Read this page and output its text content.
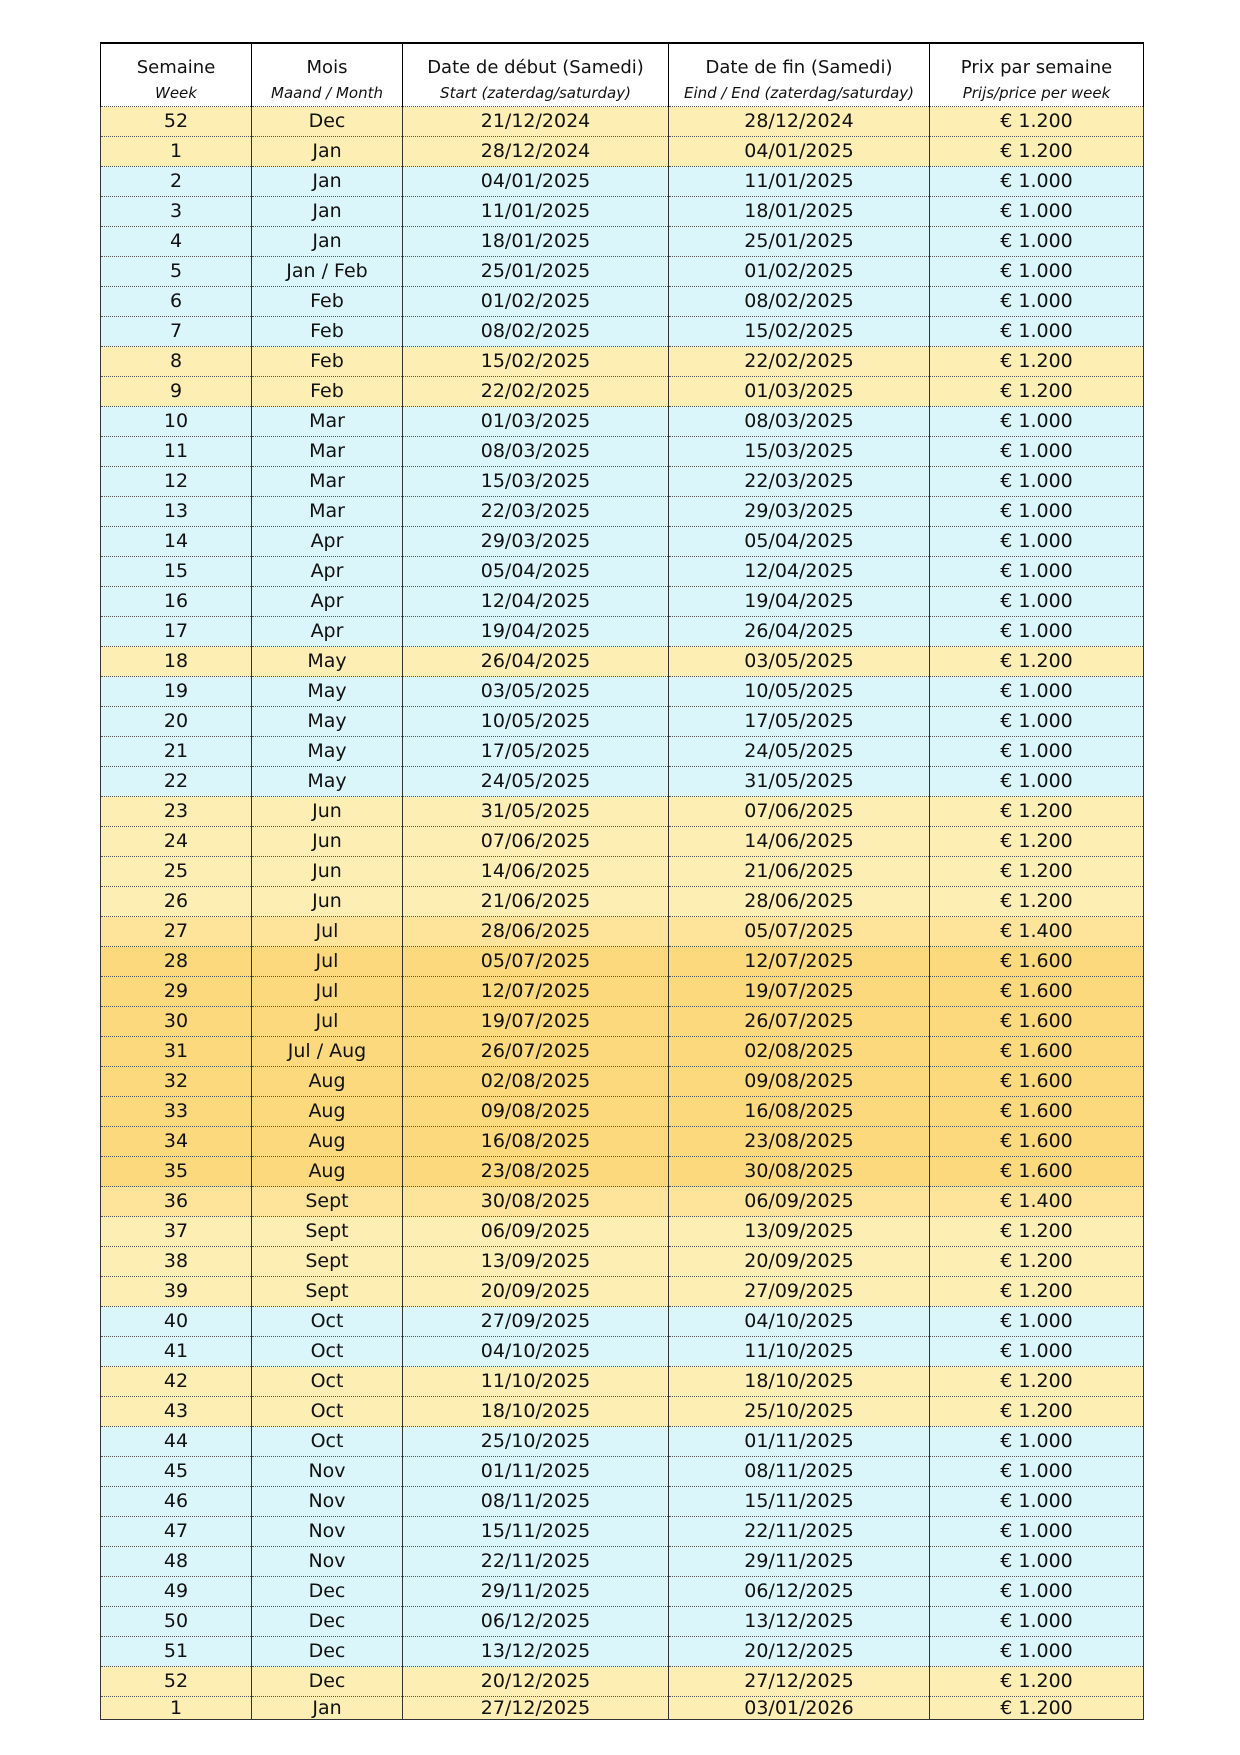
Semaine	Mois	Date de début (Samedi)	Date de fin (Samedi)	Prix par semaine
Week	Maand / Month	Start (zaterdag/saturday)	Eind / End (zaterdag/saturday)	Prijs/price per week
52	Dec	21/12/2024	28/12/2024	€ 1.200
1	Jan	28/12/2024	04/01/2025	€ 1.200
2	Jan	04/01/2025	11/01/2025	€ 1.000
3	Jan	11/01/2025	18/01/2025	€ 1.000
4	Jan	18/01/2025	25/01/2025	€ 1.000
5	Jan / Feb	25/01/2025	01/02/2025	€ 1.000
6	Feb	01/02/2025	08/02/2025	€ 1.000
7	Feb	08/02/2025	15/02/2025	€ 1.000
8	Feb	15/02/2025	22/02/2025	€ 1.200
9	Feb	22/02/2025	01/03/2025	€ 1.200
10	Mar	01/03/2025	08/03/2025	€ 1.000
11	Mar	08/03/2025	15/03/2025	€ 1.000
12	Mar	15/03/2025	22/03/2025	€ 1.000
13	Mar	22/03/2025	29/03/2025	€ 1.000
14	Apr	29/03/2025	05/04/2025	€ 1.000
15	Apr	05/04/2025	12/04/2025	€ 1.000
16	Apr	12/04/2025	19/04/2025	€ 1.000
17	Apr	19/04/2025	26/04/2025	€ 1.000
18	May	26/04/2025	03/05/2025	€ 1.200
19	May	03/05/2025	10/05/2025	€ 1.000
20	May	10/05/2025	17/05/2025	€ 1.000
21	May	17/05/2025	24/05/2025	€ 1.000
22	May	24/05/2025	31/05/2025	€ 1.000
23	Jun	31/05/2025	07/06/2025	€ 1.200
24	Jun	07/06/2025	14/06/2025	€ 1.200
25	Jun	14/06/2025	21/06/2025	€ 1.200
26	Jun	21/06/2025	28/06/2025	€ 1.200
27	Jul	28/06/2025	05/07/2025	€ 1.400
28	Jul	05/07/2025	12/07/2025	€ 1.600
29	Jul	12/07/2025	19/07/2025	€ 1.600
30	Jul	19/07/2025	26/07/2025	€ 1.600
31	Jul / Aug	26/07/2025	02/08/2025	€ 1.600
32	Aug	02/08/2025	09/08/2025	€ 1.600
33	Aug	09/08/2025	16/08/2025	€ 1.600
34	Aug	16/08/2025	23/08/2025	€ 1.600
35	Aug	23/08/2025	30/08/2025	€ 1.600
36	Sept	30/08/2025	06/09/2025	€ 1.400
37	Sept	06/09/2025	13/09/2025	€ 1.200
38	Sept	13/09/2025	20/09/2025	€ 1.200
39	Sept	20/09/2025	27/09/2025	€ 1.200
40	Oct	27/09/2025	04/10/2025	€ 1.000
41	Oct	04/10/2025	11/10/2025	€ 1.000
42	Oct	11/10/2025	18/10/2025	€ 1.200
43	Oct	18/10/2025	25/10/2025	€ 1.200
44	Oct	25/10/2025	01/11/2025	€ 1.000
45	Nov	01/11/2025	08/11/2025	€ 1.000
46	Nov	08/11/2025	15/11/2025	€ 1.000
47	Nov	15/11/2025	22/11/2025	€ 1.000
48	Nov	22/11/2025	29/11/2025	€ 1.000
49	Dec	29/11/2025	06/12/2025	€ 1.000
50	Dec	06/12/2025	13/12/2025	€ 1.000
51	Dec	13/12/2025	20/12/2025	€ 1.000
52	Dec	20/12/2025	27/12/2025	€ 1.200
1	Jan	27/12/2025	03/01/2026	€ 1.200
